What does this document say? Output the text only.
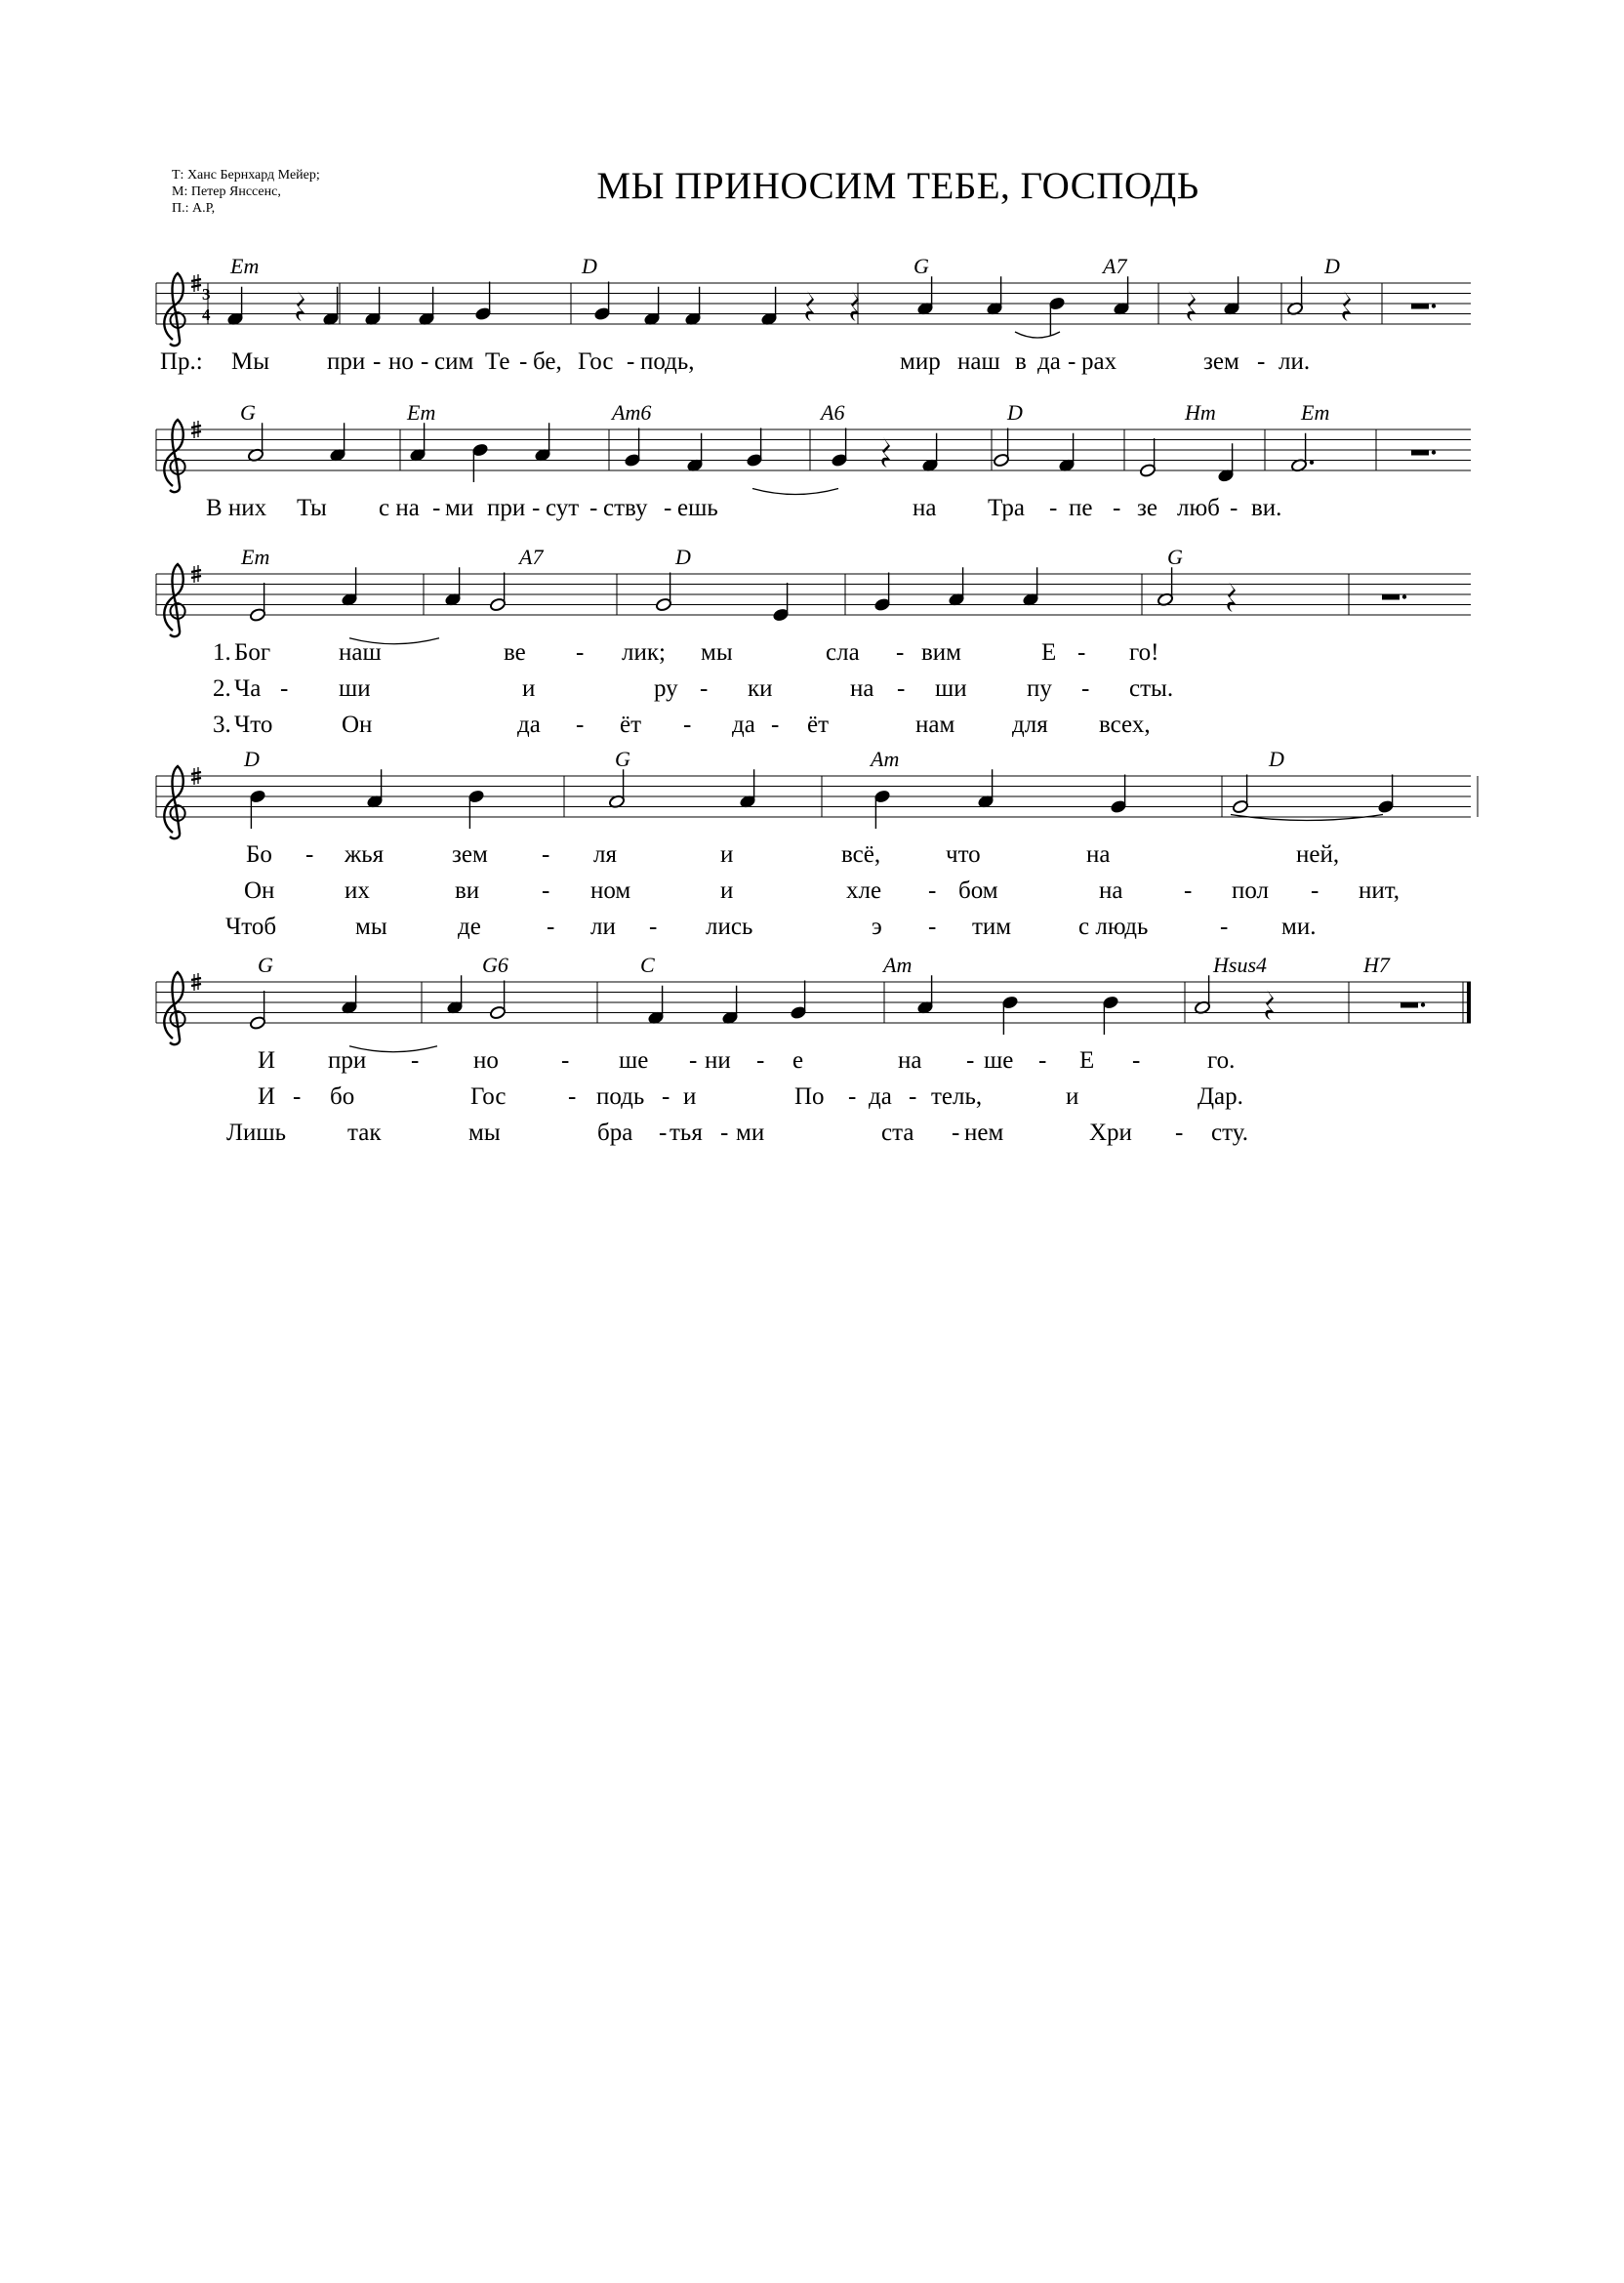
Т: Ханс Бернхард Мейер;
М: Петер Янссенс,
П.: А.Р,
МЫ ПРИНОСИМ ТЕБЕ, ГОСПОДЬ
3
4
Em	D	G	A7	D
Пр.: Мы при - но - сим Те - бе, Гос - подь,	мир наш в да - рах	зем - ли.
G	Em	Am6	A6	D	Hm	Em
В них Ты с на - ми при - сут - ству - ешь	на Тра - пе - зе люб - ви.
Em	A7	D	G
1. Бог	наш	ве - лик; мы	сла - вим	Е - го!
2. Ча - ши	и	ру - ки	на - ши пу - сты.
3. Что	Он	да - ёт - да - ёт	нам для всех,
D	G	Am	D
Бо - жья	зем - ля	и	всё,	что	на	ней,
Он	их	ви	- ном	и	хле - бом	на	- пол - нит,
Чтоб	мы	де	- ли - лись	э - тим	с людь	- ми.
G	G6	C	Am	Hsus4	H7
И при - но	- ше - ни - е	на - ше - Е -	го.
И - бо	Гос	- подь - и	По - да - тель,	и	Дар.
Лишь	так	мы	бра - тья - ми	ста - нем	Хри - сту.
